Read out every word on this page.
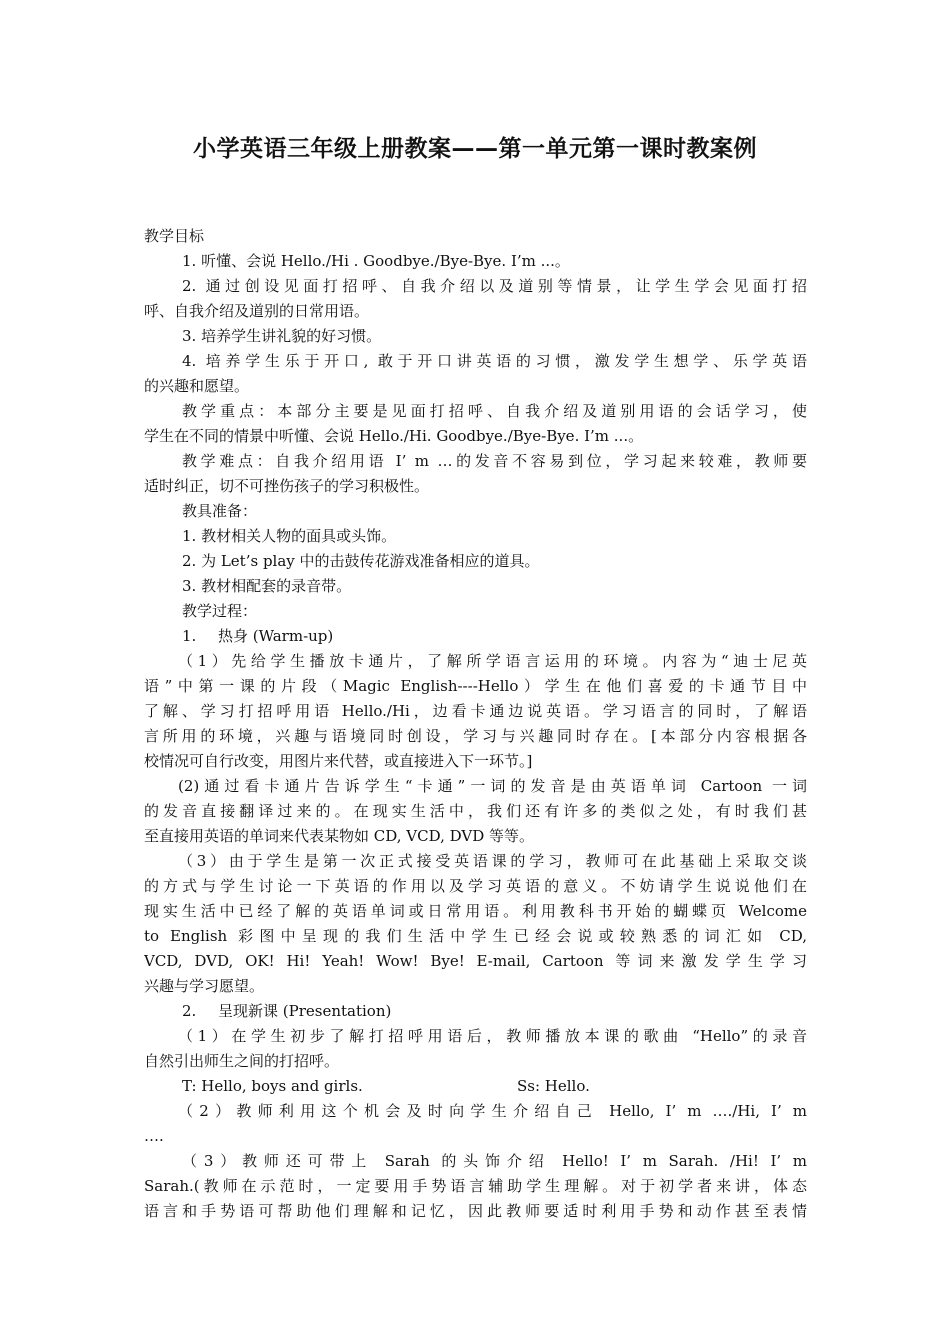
小学英语三年级上册教案——第一单元第一课时教案例
教学目标
1. 听懂、会说 Hello./Hi . Goodbye./Bye-Bye. I’m ...。
2. 通过创设见面打招呼、自我介绍以及道别等情景，让学生学会见面打招
呼、自我介绍及道别的日常用语。
3. 培养学生讲礼貌的好习惯。
4. 培养学生乐于开口, 敢于开口讲英语的习惯，激发学生想学、乐学英语
的兴趣和愿望。
教学重点：本部分主要是见面打招呼、自我介绍及道别用语的会话学习，使
学生在不同的情景中听懂、会说 Hello./Hi. Goodbye./Bye-Bye. I’m ...。
教学难点：自我介绍用语 I’ m …的发音不容易到位，学习起来较难，教师要
适时纠正，切不可挫伤孩子的学习积极性。
教具准备：
1. 教材相关人物的面具或头饰。
2. 为 Let’s play 中的击鼓传花游戏准备相应的道具。
3. 教材相配套的录音带。
教学过程：
1. 热身 (Warm-up)
（1）先给学生播放卡通片，了解所学语言运用的环境。内容为“迪士尼英
语”中第一课的片段（Magic English----Hello）学生在他们喜爱的卡通节目中
了解、学习打招呼用语 Hello./Hi，边看卡通边说英语。学习语言的同时，了解语
言所用的环境，兴趣与语境同时创设，学习与兴趣同时存在。[本部分内容根据各
校情况可自行改变，用图片来代替，或直接进入下一环节。]
(2)通过看卡通片告诉学生“卡通”一词的发音是由英语单词 Cartoon 一词
的发音直接翻译过来的。在现实生活中，我们还有许多的类似之处，有时我们甚
至直接用英语的单词来代表某物如 CD, VCD, DVD 等等。
（3）由于学生是第一次正式接受英语课的学习，教师可在此基础上采取交谈
的方式与学生讨论一下英语的作用以及学习英语的意义。不妨请学生说说他们在
现实生活中已经了解的英语单词或日常用语。利用教科书开始的蝴蝶页 Welcome
to English 彩图中呈现的我们生活中学生已经会说或较熟悉的词汇如 CD,
VCD, DVD, OK! Hi! Yeah! Wow! Bye! E-mail, Cartoon 等词来激发学生学习
兴趣与学习愿望。
2. 呈现新课 (Presentation)
（1）在学生初步了解打招呼用语后，教师播放本课的歌曲 “Hello”的录音
自然引出师生之间的打招呼。
T: Hello, boys and girls.	Ss: Hello.
（2）教师利用这个机会及时向学生介绍自己 Hello, I’ m ….∕Hi, I’ m
….
（3）教师还可带上 Sarah 的头饰介绍 Hello! I’ m Sarah. /Hi! I’ m
Sarah.(教师在示范时，一定要用手势语言辅助学生理解。对于初学者来讲，体态
语言和手势语可帮助他们理解和记忆，因此教师要适时利用手势和动作甚至表情
